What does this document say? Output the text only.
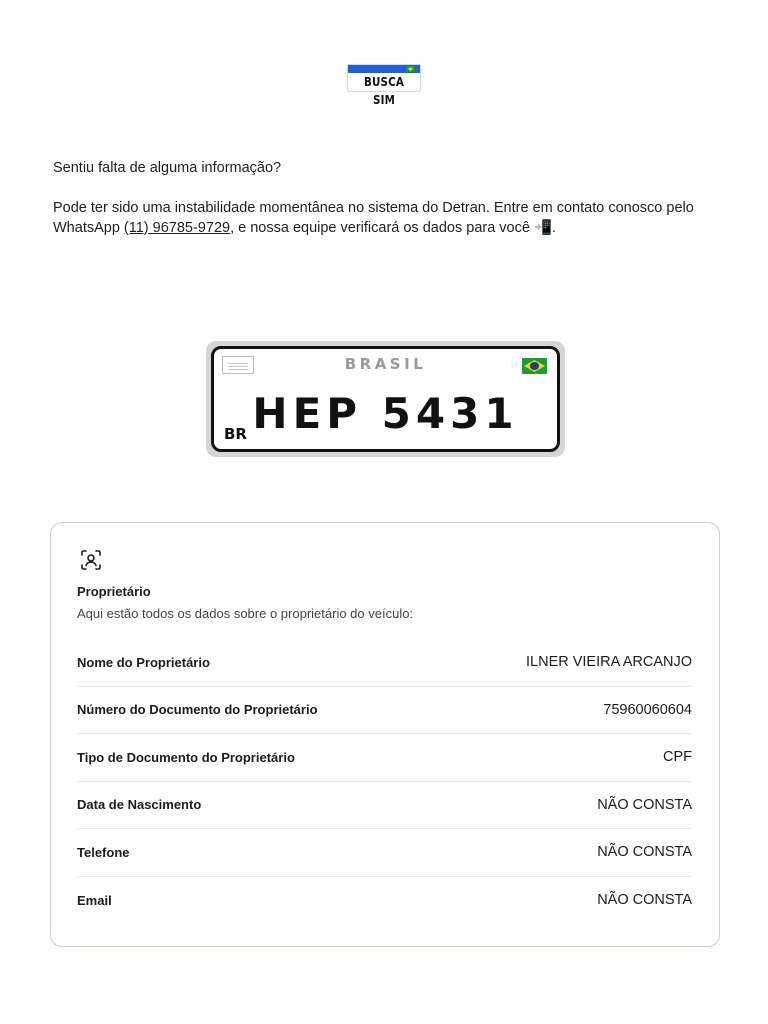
BUSCA SIM

Sentiu falta de alguma informação?

Pode ter sido uma instabilidade momentânea no sistema do Detran. Entre em contato conosco pelo WhatsApp (11) 96785-9729, e nossa equipe verificará os dados para você 📲.

BRASIL
HEP 5431
BR
Proprietário
Aqui estão todos os dados sobre o proprietário do veículo:
Nome do Proprietário	ILNER VIEIRA ARCANJO
Número do Documento do Proprietário	75960060604
Tipo de Documento do Proprietário	CPF
Data de Nascimento	NÃO CONSTA
Telefone	NÃO CONSTA
Email	NÃO CONSTA
